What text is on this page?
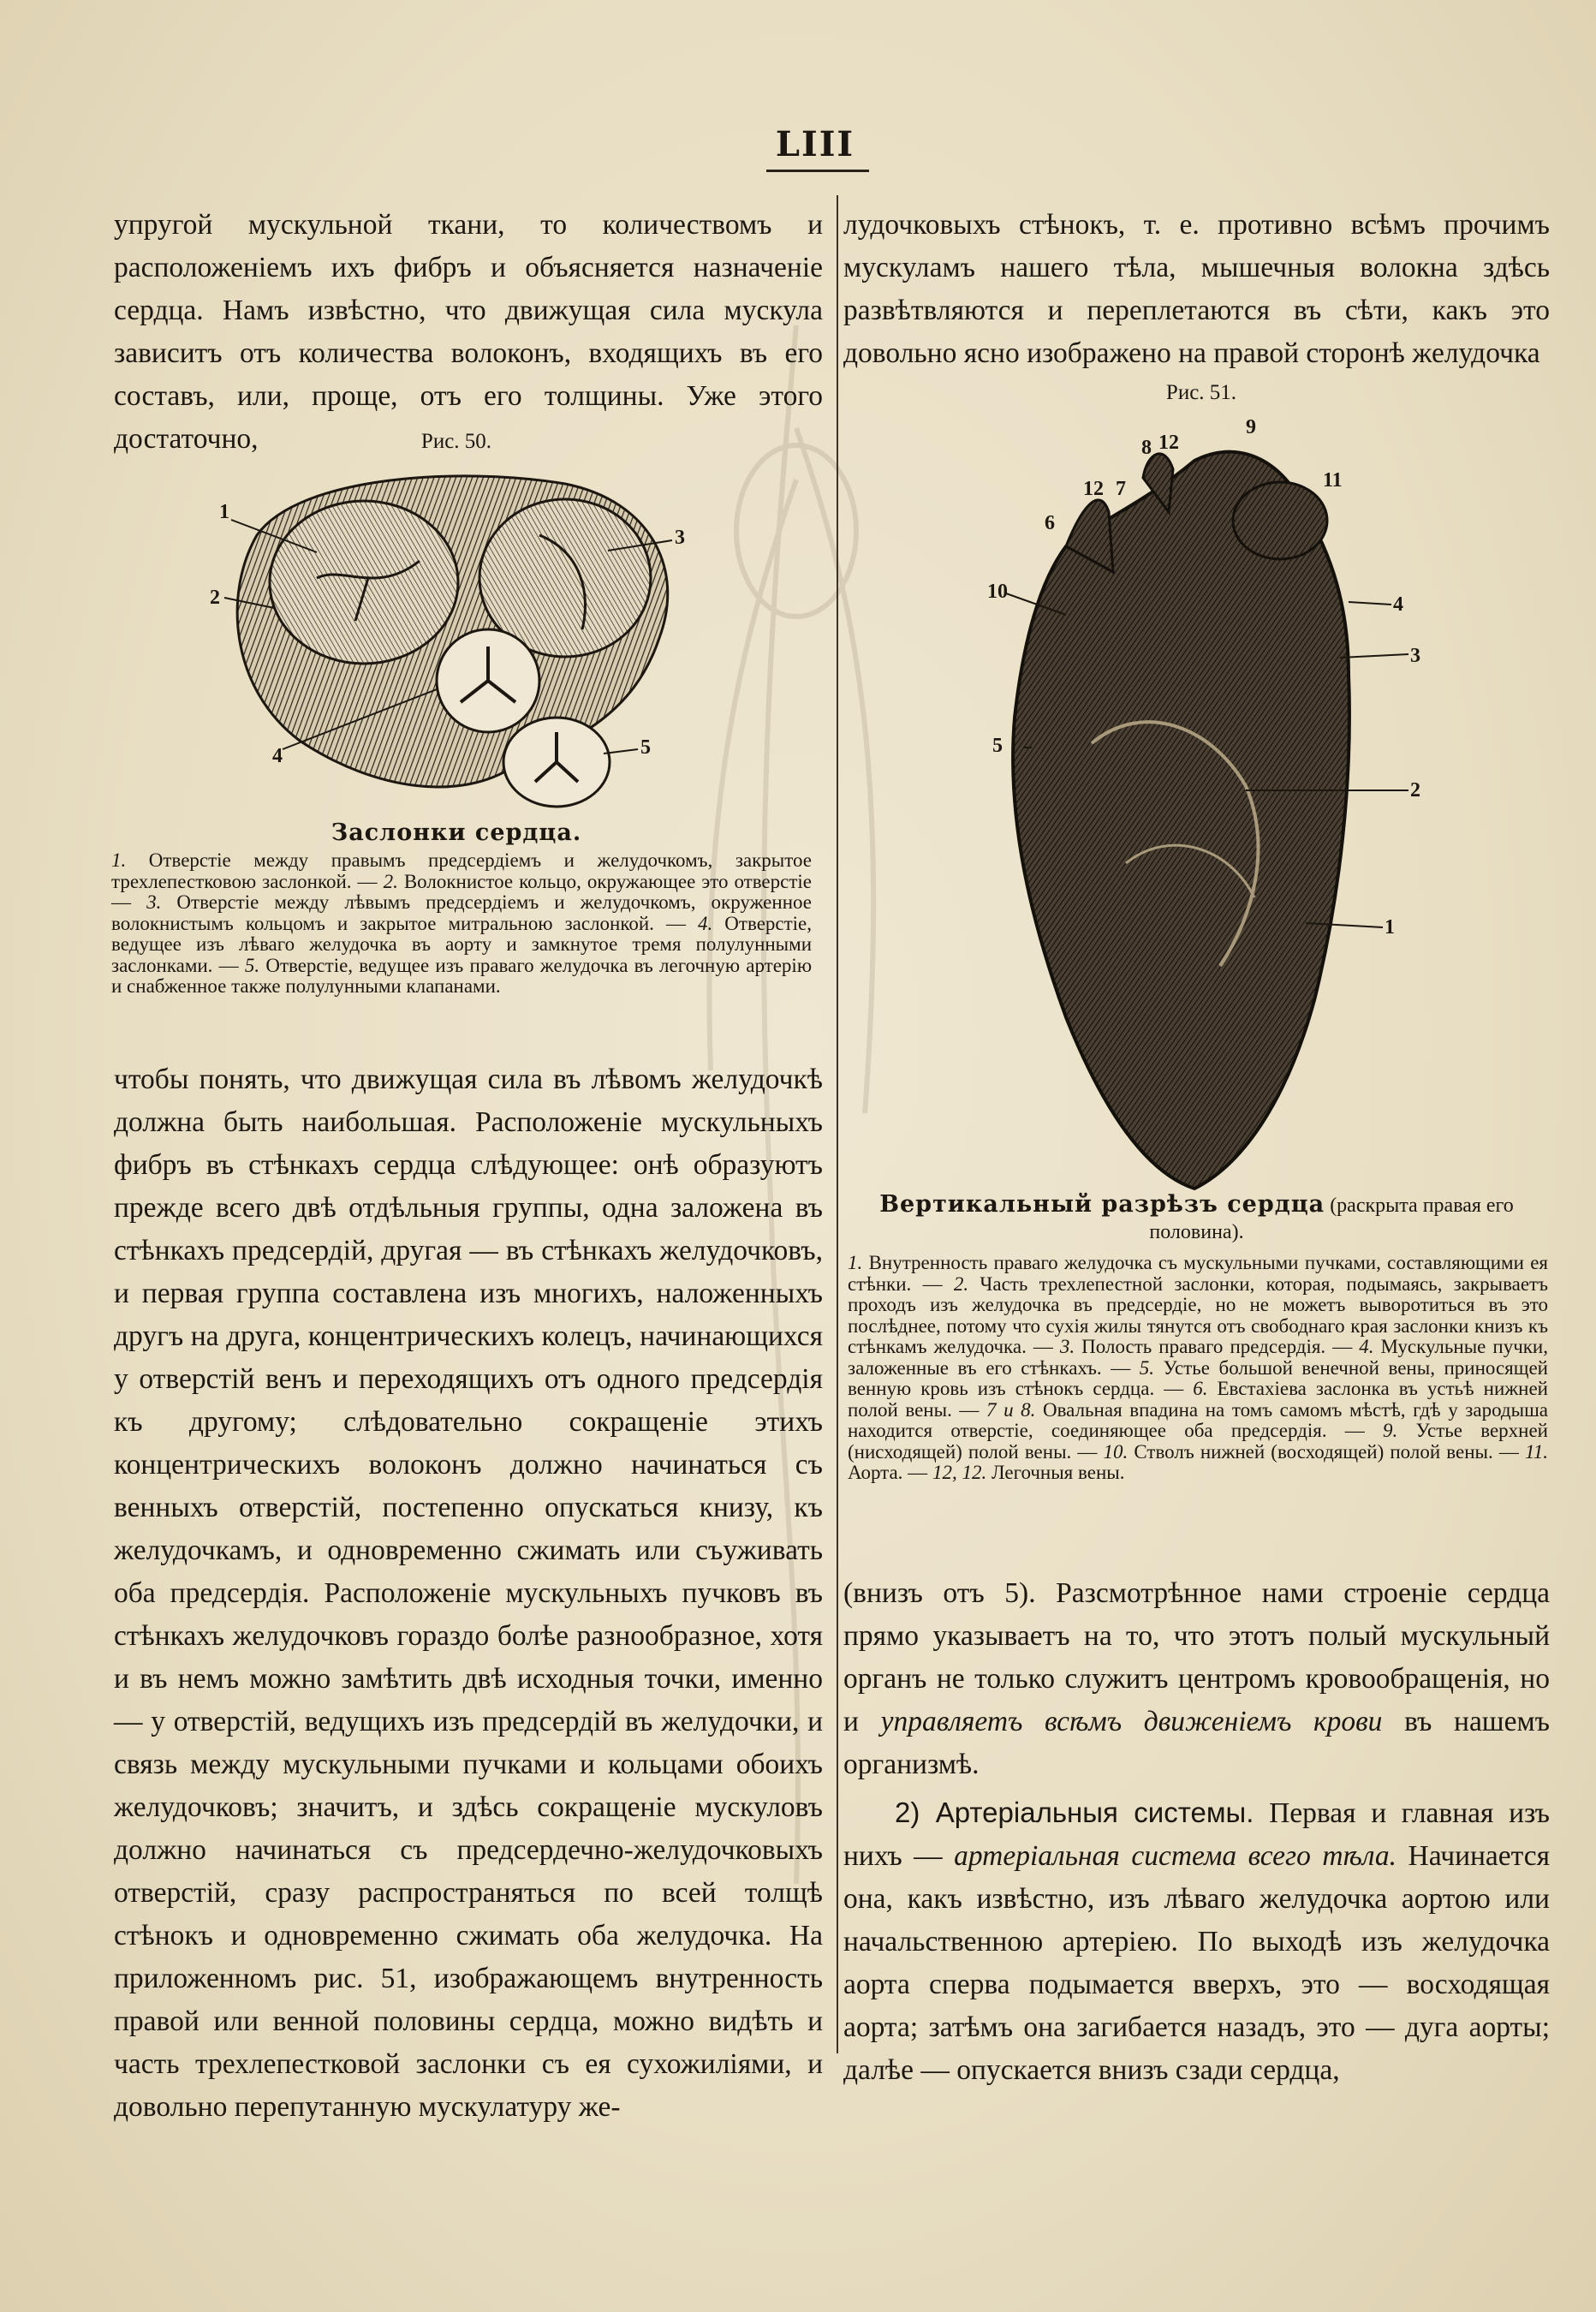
LIII

упругой мускульной ткани, то количествомъ и расположеніемъ ихъ фибръ и объясняется назначеніе сердца. Намъ извѣстно, что движущая сила мускула зависитъ отъ количества волоконъ, входящихъ въ его составъ, или, проще, отъ его толщины. Уже этого достаточно,	Рис. 50.
1
2
3
4	5
Заслонки сердца.

1. Отверстіе между правымъ предсердіемъ и желудочкомъ, закрытое трехлепестковою заслонкой. — 2. Волокнистое кольцо, окружающее это отверстіе — 3. Отверстіе между лѣвымъ предсердіемъ и желудочкомъ, окруженное волокнистымъ кольцомъ и закрытое митральною заслонкой. — 4. Отверстіе, ведущее изъ лѣваго желудочка въ аорту и замкнутое тремя полулунными заслонками. — 5. Отверстіе, ведущее изъ праваго желудочка въ легочную артерію и снабженное также полулунными клапанами.

чтобы понять, что движущая сила въ лѣвомъ желудочкѣ должна быть наибольшая. Расположеніе мускульныхъ фибръ въ стѣнкахъ сердца слѣдующее: онѣ образуютъ прежде всего двѣ отдѣльныя группы, одна заложена въ стѣнкахъ предсердій, другая — въ стѣнкахъ желудочковъ, и первая группа составлена изъ многихъ, наложенныхъ другъ на друга, концентрическихъ колецъ, начинающихся у отверстій венъ и переходящихъ отъ одного предсердія къ другому; слѣдовательно сокращеніе этихъ концентрическихъ волоконъ должно начинаться съ венныхъ отверстій, постепенно опускаться книзу, къ желудочкамъ, и одновременно сжимать или съуживать оба предсердія. Расположеніе мускульныхъ пучковъ въ стѣнкахъ желудочковъ гораздо болѣе разнообразное, хотя и въ немъ можно замѣтить двѣ исходныя точки, именно — у отверстій, ведущихъ изъ предсердій въ желудочки, и связь между мускульными пучками и кольцами обоихъ желудочковъ; значитъ, и здѣсь сокращеніе мускуловъ должно начинаться съ предсердечно-желудочковыхъ отверстій, сразу распространяться по всей толщѣ стѣнокъ и одновременно сжимать оба желудочка. На приложенномъ рис. 51, изображающемъ внутренность правой или венной половины сердца, можно видѣть и часть трехлепестковой заслонки съ ея сухожиліями, и довольно перепутанную мускулатуру же-

лудочковыхъ стѣнокъ, т. е. противно всѣмъ прочимъ мускуламъ нашего тѣла, мышечныя волокна здѣсь развѣтвляются и переплетаются въ сѣти, какъ это довольно ясно изображено на правой сторонѣ желудочка

Рис. 51.
9
8 12
12 7	11
6
10
4
3
5
2
1
Вертикальный разрѣзъ сердца (раскрыта правая его половина).

1. Внутренность праваго желудочка съ мускульными пучками, составляющими ея стѣнки. — 2. Часть трехлепестной заслонки, которая, подымаясь, закрываетъ проходъ изъ желудочка въ предсердіе, но не можетъ выворотиться въ это послѣднее, потому что сухія жилы тянутся отъ свободнаго края заслонки книзъ къ стѣнкамъ желудочка. — 3. Полость праваго предсердія. — 4. Мускульные пучки, заложенные въ его стѣнкахъ. — 5. Устье большой венечной вены, приносящей венную кровь изъ стѣнокъ сердца. — 6. Евстахіева заслонка въ устьѣ нижней полой вены. — 7 и 8. Овальная впадина на томъ самомъ мѣстѣ, гдѣ у зародыша находится отверстіе, соединяющее оба предсердія. — 9. Устье верхней (нисходящей) полой вены. — 10. Стволъ нижней (восходящей) полой вены. — 11. Аорта. — 12, 12. Легочныя вены.

(внизъ отъ 5). Разсмотрѣнное нами строеніе сердца прямо указываетъ на то, что этотъ полый мускульный органъ не только служитъ центромъ кровообращенія, но и управляетъ всѣмъ движеніемъ крови въ нашемъ организмѣ.

2) Артеріальныя системы. Первая и главная изъ нихъ — артеріальная система всего тѣла. Начинается она, какъ извѣстно, изъ лѣваго желудочка аортою или начальственною артеріею. По выходѣ изъ желудочка аорта сперва подымается вверхъ, это — восходящая аорта; затѣмъ она загибается назадъ, это — дуга аорты; далѣе — опускается внизъ сзади сердца,
